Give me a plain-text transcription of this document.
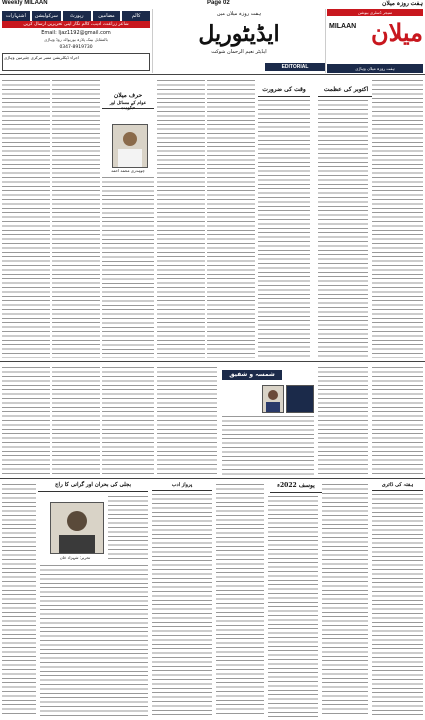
Weekly MILAAN	Page 02	ہفت روزہ میلان
اشتہارات	سرکولیشن	رپورٹ	مضامین	کالم
شاعر زراعت، ادیب، کالم نگار اپنی تحریریں ارسال کریں
Email: Ijaz1192@gmail.com
بالمقابل بینک پلازہ بوریوالہ روڈ وہاڑی
0347-8919730
اجراء ڈیکلریشن ممبر مرکزی چئیرمین وہاڑی
ہفت روزہ میلان میں
ایڈیٹوریل
ایڈیٹر نعیم الرحمان شوکت
EDITORIAL
منیجر ڈسٹری بیوشن
میلان
MILAAN
ہفت روزہ میلان وہاڑی
حرف میلان
عوام کے مسائل اور حکومت
چوہدری محمد احمد
وقت کی ضرورت	اکتوبر کی عظمت
شمسہ و شفیق
بجلی کی بحران اور گرانی کا راج
تحریر: شہزاد خان
پرواز ادب	یوسف 2022ء	ہفتہ کی ڈائری
